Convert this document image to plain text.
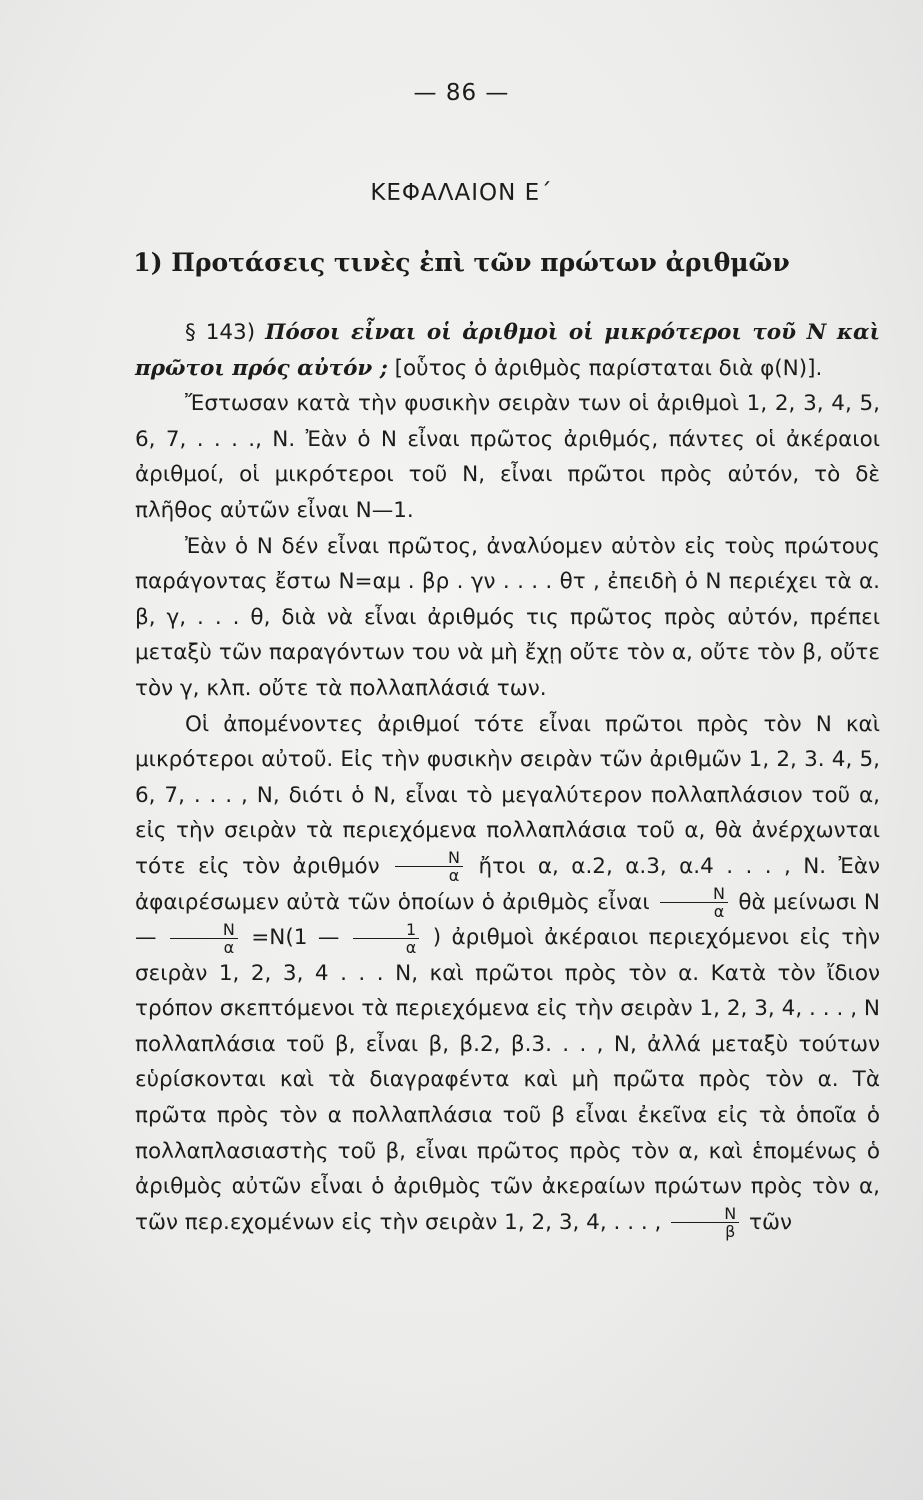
— 86 —
ΚΕΦΑΛΑΙΟΝ Ε΄
1) Προτάσεις τινὲς ἐπὶ τῶν πρώτων ἀριθμῶν

§ 143) Πόσοι εἶναι οἱ ἀριθμοὶ οἱ μικρότεροι τοῦ Ν καὶ πρῶτοι πρός αὐτόν ; [οὗτος ὁ ἀριθμὸς παρίσταται διὰ φ(Ν)].

Ἔστωσαν κατὰ τὴν φυσικὴν σειρὰν των οἱ ἀριθμοὶ 1, 2, 3, 4, 5, 6, 7, . . . ., Ν. Ἐὰν ὁ Ν εἶναι πρῶτος ἀριθμός, πάντες οἱ ἀκέραιοι ἀριθμοί, οἱ μικρότεροι τοῦ Ν, εἶναι πρῶτοι πρὸς αὐτόν, τὸ δὲ πλῆθος αὐτῶν εἶναι Ν—1.

Ἐὰν ὁ Ν δέν εἶναι πρῶτος, ἀναλύομεν αὐτὸν εἰς τοὺς πρώτους παράγοντας ἔστω Ν=αμ . βρ . γν . . . . θτ , ἐπειδὴ ὁ Ν περιέχει τὰ α. β, γ, . . . θ, διὰ νὰ εἶναι ἀριθμός τις πρῶτος πρὸς αὐτόν, πρέπει μεταξὺ τῶν παραγόντων του νὰ μὴ ἔχῃ οὔτε τὸν α, οὔτε τὸν β, οὔτε τὸν γ, κλπ. οὔτε τὰ πολλαπλάσιά των.

Οἱ ἀπομένοντες ἀριθμοί τότε εἶναι πρῶτοι πρὸς τὸν Ν καὶ μικρότεροι αὐτοῦ. Εἰς τὴν φυσικὴν σειρὰν τῶν ἀριθμῶν 1, 2, 3. 4, 5, 6, 7, . . . , Ν, διότι ὁ Ν, εἶναι τὸ μεγαλύτερον πολλαπλάσιον τοῦ α, εἰς τὴν σειρὰν τὰ περιεχόμενα πολλαπλάσια τοῦ α, θὰ ἀνέρχωνται τότε εἰς τὸν ἀριθμόν $\frac{N}{\alpha}$ ἤτοι α, α.2, α.3, α.4 . . . , Ν. Ἐὰν ἀφαιρέσωμεν αὐτὰ τῶν ὁποίων ὁ ἀριθμὸς εἶναι $\frac{N}{\alpha}$ θὰ μείνωσι Ν — $\frac{N}{\alpha} =N(1$ — $\frac{1}{\alpha}$ ) ἀριθμοὶ ἀκέραιοι περιεχόμενοι εἰς τὴν σειρὰν 1, 2, 3, 4 . . . Ν, καὶ πρῶτοι πρὸς τὸν α. Κατὰ τὸν ἴδιον τρόπον σκεπτόμενοι τὰ περιεχόμενα εἰς τὴν σειρὰν 1, 2, 3, 4, . . . , Ν πολλαπλάσια τοῦ β, εἶναι β, β.2, β.3. . . , Ν, ἀλλά μεταξὺ τούτων εὑρίσκονται καὶ τὰ διαγραφέντα καὶ μὴ πρῶτα πρὸς τὸν α. Τὰ πρῶτα πρὸς τὸν α πολλαπλάσια τοῦ β εἶναι ἐκεῖνα εἰς τὰ ὁποῖα ὁ πολλαπλασιαστὴς τοῦ β, εἶναι πρῶτος πρὸς τὸν α, καὶ ἑπομένως ὁ ἀριθμὸς αὐτῶν εἶναι ὁ ἀριθμὸς τῶν ἀκεραίων πρώτων πρὸς τὸν α, τῶν περ.εχομένων εἰς τὴν σειρὰν 1, 2, 3, 4, . . . , $\frac{N}{\beta}$ τῶν
